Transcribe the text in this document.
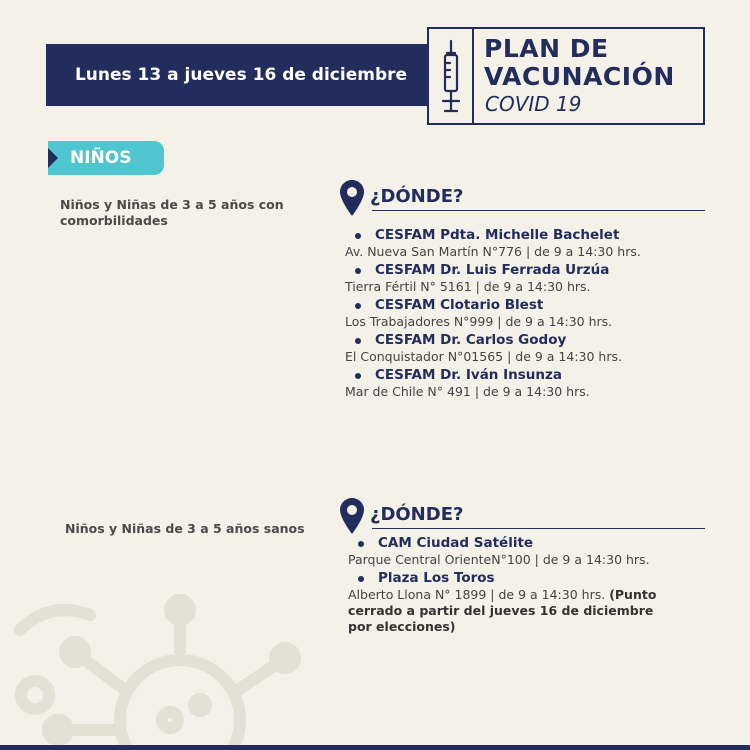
Lunes 13 a jueves 16 de diciembre
PLAN DE
VACUNACIÓN
COVID 19
NIÑOS
Niños y Niñas de 3 a 5 años con
comorbilidades
¿DÓNDE?
CESFAM Pdta. Michelle Bachelet
Av. Nueva San Martín N°776 | de 9 a 14:30 hrs.
CESFAM Dr. Luis Ferrada Urzúa
Tierra Fértil N° 5161 | de 9 a 14:30 hrs.
CESFAM Clotario Blest
Los Trabajadores N°999 | de 9 a 14:30 hrs.
CESFAM Dr. Carlos Godoy
El Conquistador N°01565 | de 9 a 14:30 hrs.
CESFAM Dr. Iván Insunza
Mar de Chile N° 491 | de 9 a 14:30 hrs.
Niños y Niñas de 3 a 5 años sanos
¿DÓNDE?
CAM Ciudad Satélite
Parque Central OrienteN°100 | de 9 a 14:30 hrs.
Plaza Los Toros
Alberto Llona N° 1899 | de 9 a 14:30 hrs. (Punto
cerrado a partir del jueves 16 de diciembre
por elecciones)
